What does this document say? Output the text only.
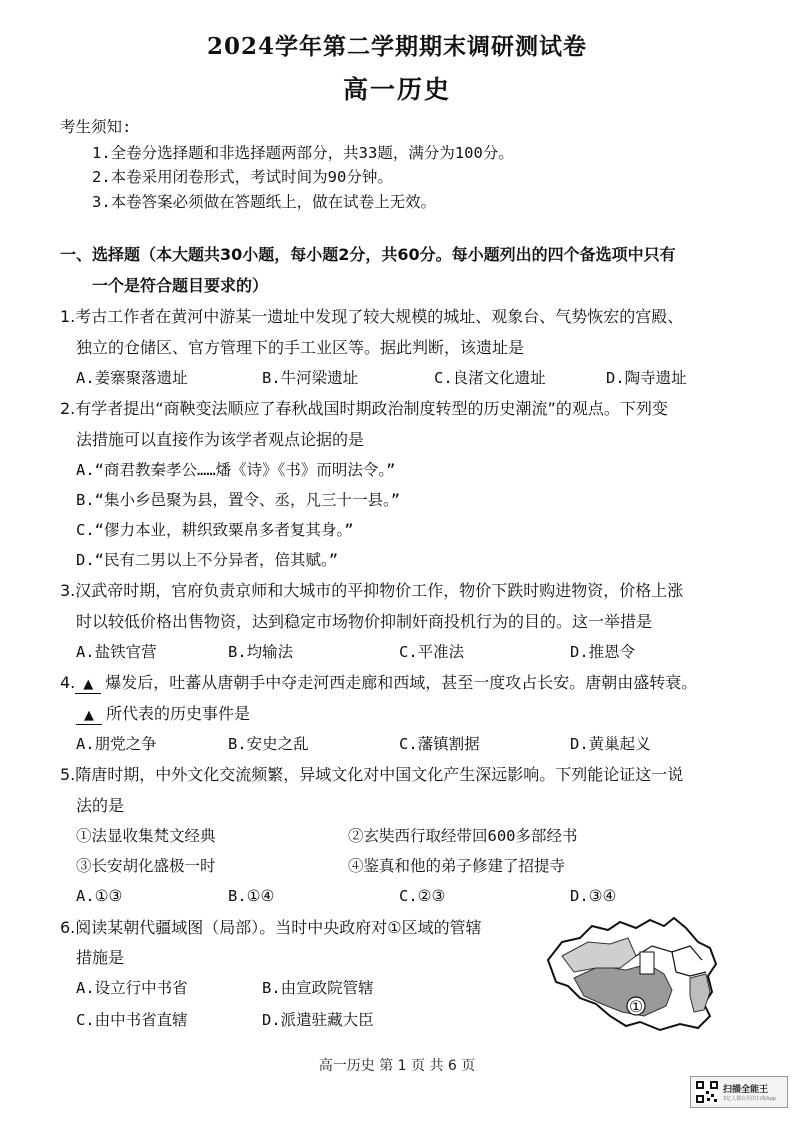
2024学年第二学期期末调研测试卷
高一历史
考生须知:
1.全卷分选择题和非选择题两部分，共33题，满分为100分。
2.本卷采用闭卷形式，考试时间为90分钟。
3.本卷答案必须做在答题纸上，做在试卷上无效。
一、选择题（本大题共30小题，每小题2分，共60分。每小题列出的四个备选项中只有
一个是符合题目要求的）
1.考古工作者在黄河中游某一遗址中发现了较大规模的城址、观象台、气势恢宏的宫殿、
独立的仓储区、官方管理下的手工业区等。据此判断，该遗址是
A.姜寨聚落遗址	B.牛河梁遗址	C.良渚文化遗址	D.陶寺遗址
2.有学者提出“商鞅变法顺应了春秋战国时期政治制度转型的历史潮流”的观点。下列变
法措施可以直接作为该学者观点论据的是
A.“商君教秦孝公……燔《诗》《书》而明法令。”
B.“集小乡邑聚为县，置令、丞，凡三十一县。”
C.“僇力本业，耕织致粟帛多者复其身。”
D.“民有二男以上不分异者，倍其赋。”
3.汉武帝时期，官府负责京师和大城市的平抑物价工作，物价下跌时购进物资，价格上涨
时以较低价格出售物资，达到稳定市场物价抑制奸商投机行为的目的。这一举措是
A.盐铁官营	B.均输法	C.平准法	D.推恩令
4. ▲ 爆发后，吐蕃从唐朝手中夺走河西走廊和西域，甚至一度攻占长安。唐朝由盛转衰。
▲ 所代表的历史事件是
A.朋党之争	B.安史之乱	C.藩镇割据	D.黄巢起义
5.隋唐时期，中外文化交流频繁，异域文化对中国文化产生深远影响。下列能论证这一说
法的是
①法显收集梵文经典	②玄奘西行取经带回600多部经书
③长安胡化盛极一时	④鉴真和他的弟子修建了招提寺
A.①③	B.①④	C.②③	D.③④
6.阅读某朝代疆域图（局部）。当时中央政府对①区域的管辖
措施是
A.设立行中书省	B.由宣政院管辖
C.由中书省直辖	D.派遣驻藏大臣
①
高一历史 第 1 页 共 6 页
扫描全能王
3亿人都在用的扫描App
